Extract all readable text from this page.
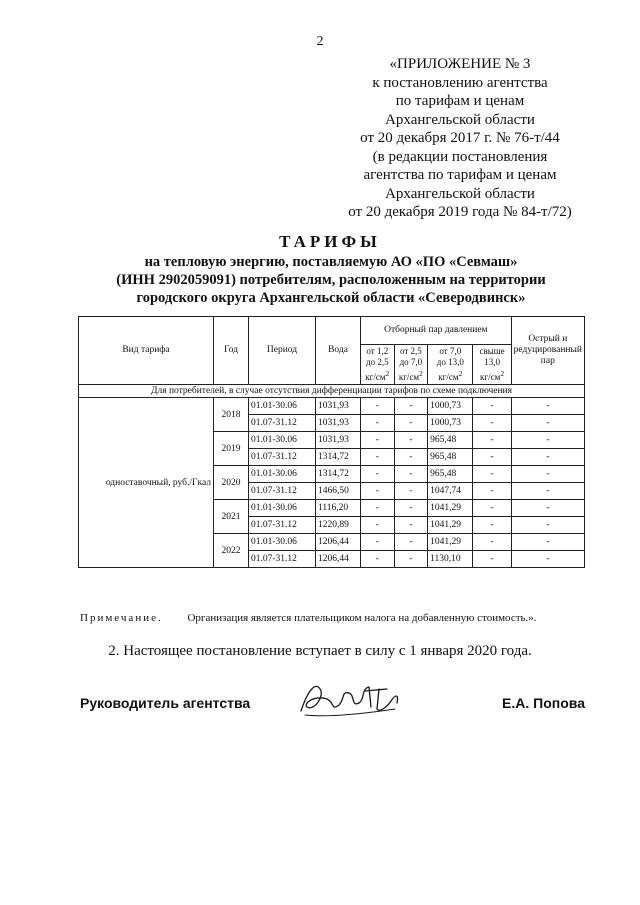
2
«ПРИЛОЖЕНИЕ № 3
к постановлению агентства
по тарифам и ценам
Архангельской области
от 20 декабря 2017 г. № 76-т/44
(в редакции постановления
агентства по тарифам и ценам
Архангельской области
от 20 декабря 2019 года № 84-т/72)
ТАРИФЫ
на тепловую энергию, поставляемую АО «ПО «Севмаш»
(ИНН 2902059091) потребителям, расположенным на территории
городского округа Архангельской области «Северодвинск»
Вид тарифа	Год	Период	Вода	Отборный пар давлением				Острый и редуцированный пар
				от 1,2
до 2,5
$кг/см^2$	от 2,5
до 7,0
$кг/см^2$	от 7,0
до 13,0
$кг/см^2$	свыше
13,0
$кг/см^2$
Для потребителей, в случае отсутствия дифференциации тарифов по схеме подключения								
одноставочный, руб./Гкал	2018	01.01-30.06	1031,93	-	-	1000,73	-	-
		01.07-31.12	1031,93	-	-	1000,73	-	-
	2019	01.01-30.06	1031,93	-	-	965,48	-	-
		01.07-31.12	1314,72	-	-	965,48	-	-
	2020	01.01-30.06	1314,72	-	-	965,48	-	-
		01.07-31.12	1466,50	-	-	1047,74	-	-
	2021	01.01-30.06	1116,20	-	-	1041,29	-	-
		01.07-31.12	1220,89	-	-	1041,29	-	-
	2022	01.01-30.06	1206,44	-	-	1041,29	-	-
		01.07-31.12	1206,44	-	-	1130,10	-	-
Примечание. Организация является плательщиком налога на добавленную стоимость.».
2. Настоящее постановление вступает в силу с 1 января 2020 года.
Руководитель агентства	Е.А. Попова
